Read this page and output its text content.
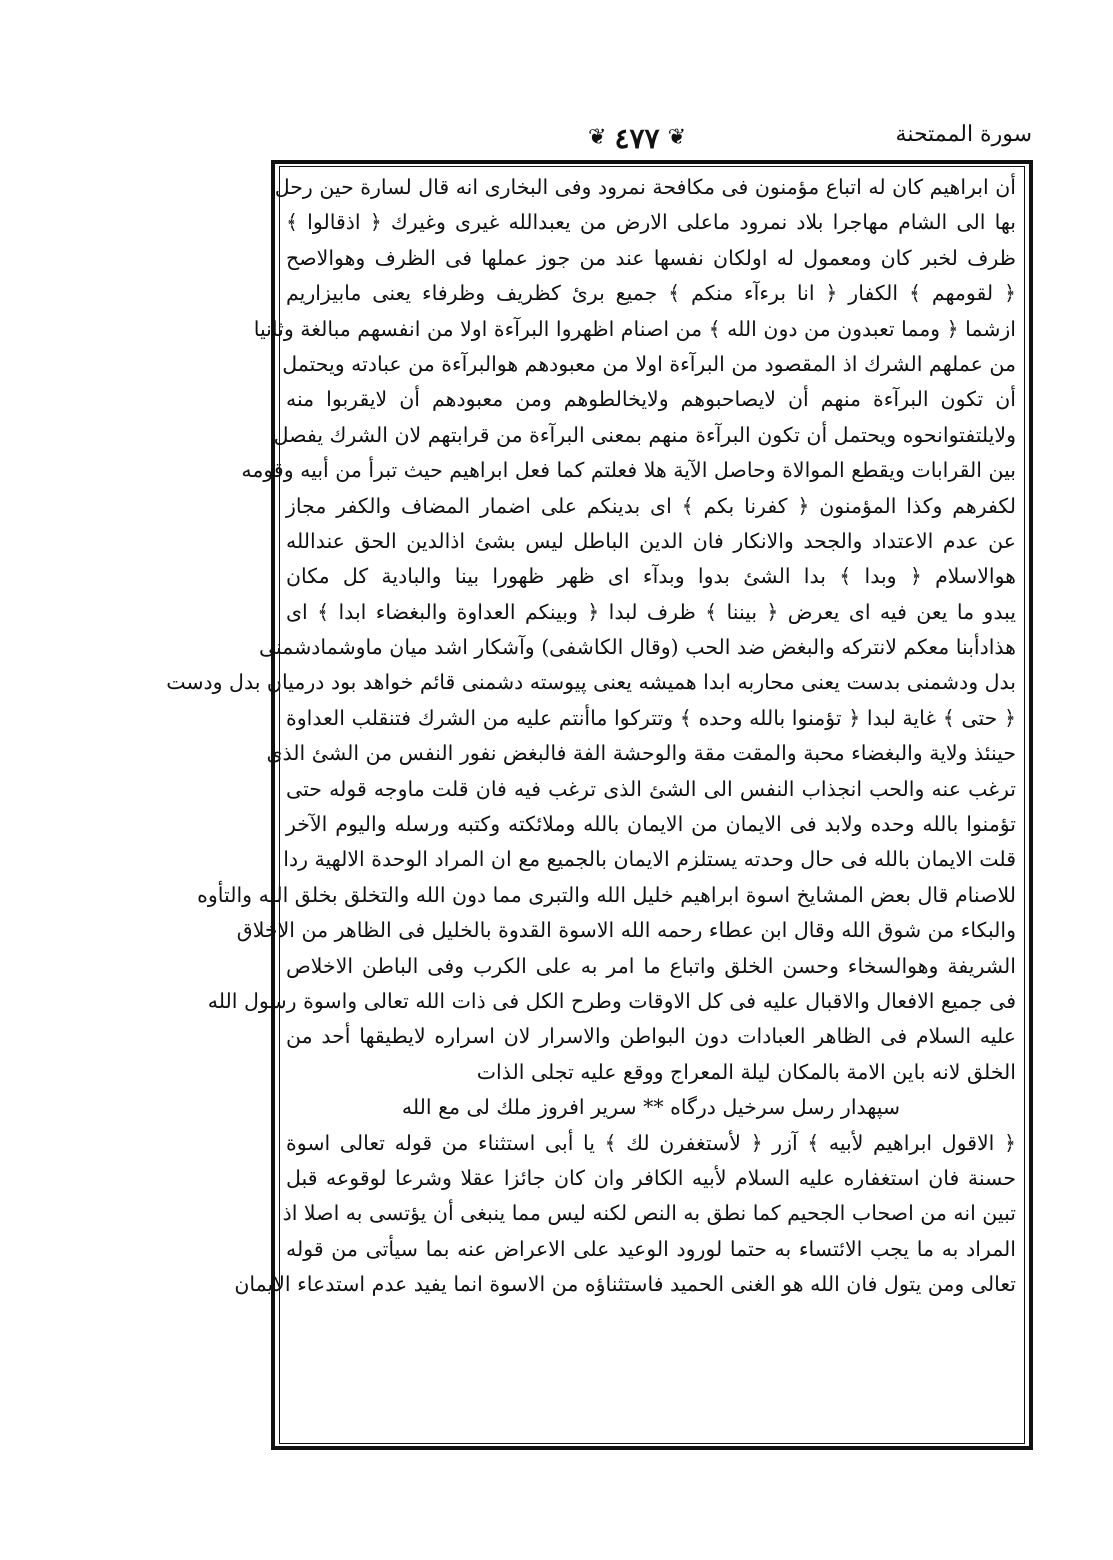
سورة الممتحنة
❦ ٤٧٧ ❦
أن ابراهيم كان له اتباع مؤمنون فى مكافحة نمرود وفى البخارى انه قال لسارة حين رحل
بها الى الشام مهاجرا بلاد نمرود ماعلى الارض من يعبدالله غيرى وغيرك ﴿ اذقالوا ﴾
ظرف لخبر كان ومعمول له اولكان نفسها عند من جوز عملها فى الظرف وهوالاصح
﴿ لقومهم ﴾ الكفار ﴿ انا برءآء منكم ﴾ جميع برئ كظريف وظرفاء يعنى مابيزاريم
ازشما ﴿ ومما تعبدون من دون الله ﴾ من اصنام اظهروا البرآءة اولا من انفسهم مبالغة وثانيا
من عملهم الشرك اذ المقصود من البرآءة اولا من معبودهم هوالبرآءة من عبادته ويحتمل
أن تكون البرآءة منهم أن لايصاحبوهم ولايخالطوهم ومن معبودهم أن لايقربوا منه
ولايلتفتوانحوه ويحتمل أن تكون البرآءة منهم بمعنى البرآءة من قرابتهم لان الشرك يفصل
بين القرابات ويقطع الموالاة وحاصل الآية هلا فعلتم كما فعل ابراهيم حيث تبرأ من أبيه وقومه
لكفرهم وكذا المؤمنون ﴿ كفرنا بكم ﴾ اى بدينكم على اضمار المضاف والكفر مجاز
عن عدم الاعتداد والجحد والانكار فان الدين الباطل ليس بشئ اذالدين الحق عندالله
هوالاسلام ﴿ وبدا ﴾ بدا الشئ بدوا وبدآء اى ظهر ظهورا بينا والبادية كل مكان
يبدو ما يعن فيه اى يعرض ﴿ بيننا ﴾ ظرف لبدا ﴿ وبينكم العداوة والبغضاء ابدا ﴾ اى
هذادأبنا معكم لانتركه والبغض ضد الحب (وقال الكاشفى) وآشكار اشد ميان ماوشمادشمنى
بدل ودشمنى بدست يعنى محاربه ابدا هميشه يعنى پيوسته دشمنى قائم خواهد بود درميان بدل ودست
﴿ حتى ﴾ غاية لبدا ﴿ تؤمنوا بالله وحده ﴾ وتتركوا ماأنتم عليه من الشرك فتنقلب العداوة
حينئذ ولاية والبغضاء محبة والمقت مقة والوحشة الفة فالبغض نفور النفس من الشئ الذى
ترغب عنه والحب انجذاب النفس الى الشئ الذى ترغب فيه فان قلت ماوجه قوله حتى
تؤمنوا بالله وحده ولابد فى الايمان من الايمان بالله وملائكته وكتبه ورسله واليوم الآخر
قلت الايمان بالله فى حال وحدته يستلزم الايمان بالجميع مع ان المراد الوحدة الالهية ردا
للاصنام قال بعض المشايخ اسوة ابراهيم خليل الله والتبرى مما دون الله والتخلق بخلق الله والتأوه
والبكاء من شوق الله وقال ابن عطاء رحمه الله الاسوة القدوة بالخليل فى الظاهر من الاخلاق
الشريفة وهوالسخاء وحسن الخلق واتباع ما امر به على الكرب وفى الباطن الاخلاص
فى جميع الافعال والاقبال عليه فى كل الاوقات وطرح الكل فى ذات الله تعالى واسوة رسول الله
عليه السلام فى الظاهر العبادات دون البواطن والاسرار لان اسراره لايطيقها أحد من
الخلق لانه باين الامة بالمكان ليلة المعراج ووقع عليه تجلى الذات
سپهدار رسل سرخيل درگاه ** سرير افروز ملك لى مع الله
﴿ الاقول ابراهيم لأبيه ﴾ آزر ﴿ لأستغفرن لك ﴾ يا أبى استثناء من قوله تعالى اسوة
حسنة فان استغفاره عليه السلام لأبيه الكافر وان كان جائزا عقلا وشرعا لوقوعه قبل
تبين انه من اصحاب الجحيم كما نطق به النص لكنه ليس مما ينبغى أن يؤتسى به اصلا اذ
المراد به ما يجب الائتساء به حتما لورود الوعيد على الاعراض عنه بما سيأتى من قوله
تعالى ومن يتول فان الله هو الغنى الحميد فاستثناؤه من الاسوة انما يفيد عدم استدعاء الايمان
